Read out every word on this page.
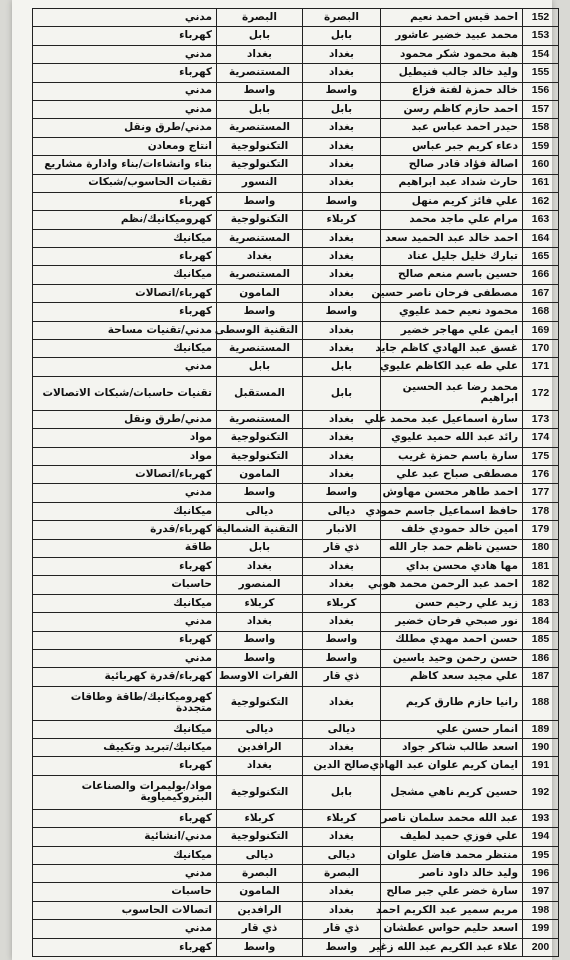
152	احمد قيس احمد نعيم	البصرة	البصرة	مدني
153	محمد عبيد خضير عاشور	بابل	بابل	كهرباء
154	هبة محمود شكر محمود	بغداد	بغداد	مدني
155	وليد خالد جالب فنيطيل	بغداد	المستنصرية	كهرباء
156	خالد حمزة لفتة فزاع	واسط	واسط	مدني
157	احمد حازم كاظم رسن	بابل	بابل	مدني
158	حيدر احمد عباس عبد	بغداد	المستنصرية	مدني/طرق ونقل
159	دعاء كريم جبر عباس	بغداد	التكنولوجية	انتاج ومعادن
160	اصالة فؤاد قادر صالح	بغداد	التكنولوجية	بناء وانشاءات/بناء وادارة مشاريع
161	حارث شداد عبد ابراهيم	بغداد	النسور	تقنيات الحاسوب/شبكات
162	علي فائز كريم منهل	واسط	واسط	كهرباء
163	مرام علي ماجد محمد	كربلاء	التكنولوجية	كهروميكانيك/نظم
164	احمد خالد عبد الحميد سعد	بغداد	المستنصرية	ميكانيك
165	تبارك خليل جليل عناد	بغداد	بغداد	كهرباء
166	حسين باسم منعم صالح	بغداد	المستنصرية	ميكانيك
167	مصطفى فرحان ناصر حسين	بغداد	المامون	كهرباء/اتصالات
168	محمود نعيم حمد عليوي	واسط	واسط	كهرباء
169	ايمن علي مهاجر خضير	بغداد	التقنية الوسطى	مدني/تقنيات مساحة
170	غسق عبد الهادي كاظم جايد	بغداد	المستنصرية	ميكانيك
171	علي طه عبد الكاظم عليوي	بابل	بابل	مدني
172	محمد رضا عبد الحسين ابراهيم	بابل	المستقبل	تقنيات حاسبات/شبكات الاتصالات
173	سارة اسماعيل عبد محمد علي	بغداد	المستنصرية	مدني/طرق ونقل
174	رائد عبد الله حميد عليوي	بغداد	التكنولوجية	مواد
175	سارة باسم حمزة غريب	بغداد	التكنولوجية	مواد
176	مصطفى صباح عبد علي	بغداد	المامون	كهرباء/اتصالات
177	احمد طاهر محسن مهاوش	واسط	واسط	مدني
178	حافظ اسماعيل جاسم حمودي	ديالى	ديالى	ميكانيك
179	امين خالد حمودي خلف	الانبار	التقنية الشمالية	كهرباء/قدرة
180	حسين ناظم حمد جار الله	ذي قار	بابل	طاقة
181	مها هادي محسن بداي	بغداد	بغداد	كهرباء
182	احمد عبد الرحمن محمد هوبي	بغداد	المنصور	حاسبات
183	زيد علي رحيم حسن	كربلاء	كربلاء	ميكانيك
184	نور صبحي فرحان خضير	بغداد	بغداد	مدني
185	حسن احمد مهدي مطلك	واسط	واسط	كهرباء
186	حسن رحمن وحيد ياسين	واسط	واسط	مدني
187	علي مجيد سعد كاظم	ذي قار	الفرات الاوسط	كهرباء/قدرة كهربائية
188	رانيا حازم طارق كريم	بغداد	التكنولوجية	كهروميكانيك/طاقة وطاقات متجددة
189	انمار حسن علي	ديالى	ديالى	ميكانيك
190	اسعد طالب شاكر جواد	بغداد	الرافدين	ميكانيك/تبريد وتكييف
191	ايمان كريم علوان عبد الهادي	صالح الدين	بغداد	كهرباء
192	حسين كريم ناهي مشجل	بابل	التكنولوجية	مواد/بوليمرات والصناعات البتروكيمياوية
193	عبد الله محمد سلمان ناصر	كربلاء	كربلاء	كهرباء
194	علي فوزي حميد لطيف	بغداد	التكنولوجية	مدني/انشائية
195	منتظر محمد فاضل علوان	ديالى	ديالى	ميكانيك
196	وليد خالد داود ناصر	البصرة	البصرة	مدني
197	سارة خضر علي جبر صالح	بغداد	المامون	حاسبات
198	مريم سمير عبد الكريم احمد	بغداد	الرافدين	اتصالات الحاسوب
199	اسعد حليم حواس عطشان	ذي قار	ذي قار	مدني
200	علاء عبد الكريم عبد الله زغير	واسط	واسط	كهرباء
